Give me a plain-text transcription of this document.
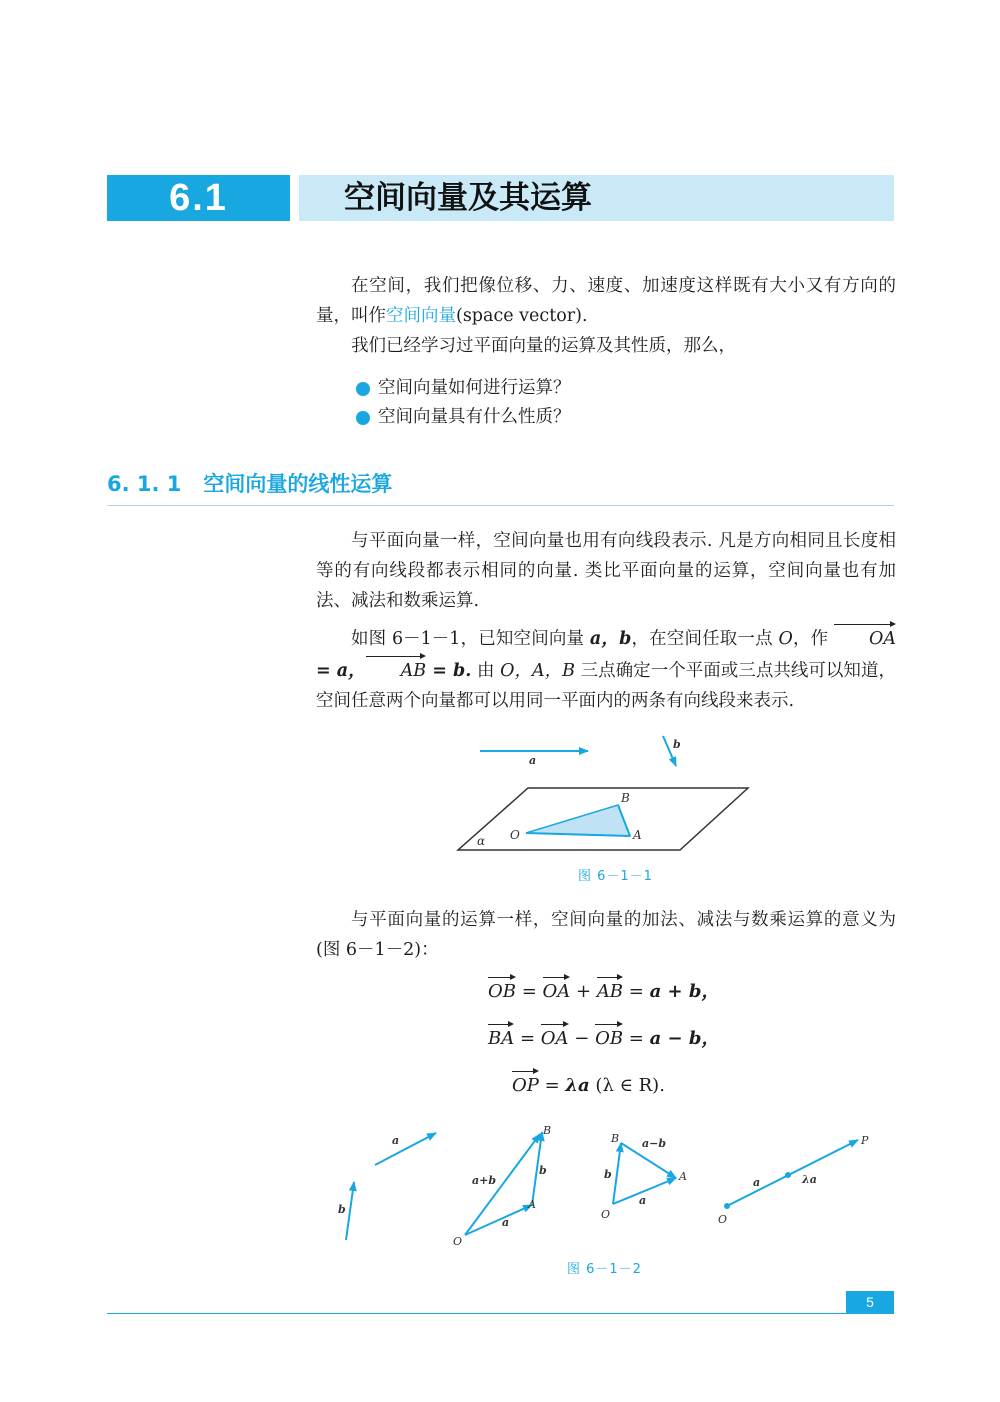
6.1	空间向量及其运算

在空间，我们把像位移、力、速度、加速度这样既有大小又有方向的量，叫作空间向量(space vector).

我们已经学习过平面向量的运算及其性质，那么，

空间向量如何进行运算？
空间向量具有什么性质？
6. 1. 1 空间向量的线性运算

与平面向量一样，空间向量也用有向线段表示. 凡是方向相同且长度相等的有向线段都表示相同的向量. 类比平面向量的运算，空间向量也有加法、减法和数乘运算.

如图 6－1－1，已知空间向量 a，b，在空间任取一点 O，作 OA = a， AB = b. 由 O，A，B 三点确定一个平面或三点共线可以知道，空间任意两个向量都可以用同一平面内的两条有向线段来表示.

a
b
α O	A
B
图 6－1－1

与平面向量的运算一样，空间向量的加法、减法与数乘运算的意义为(图 6－1－2)：

OB = OA + AB = a + b，
BA = OA − OB = a − b，
OP = λa (λ ∈ R).
a
b
O
A
B
a+b
b
a
O
A
B a−b
b
a
O
P
a	λa
图 6－1－2
5
